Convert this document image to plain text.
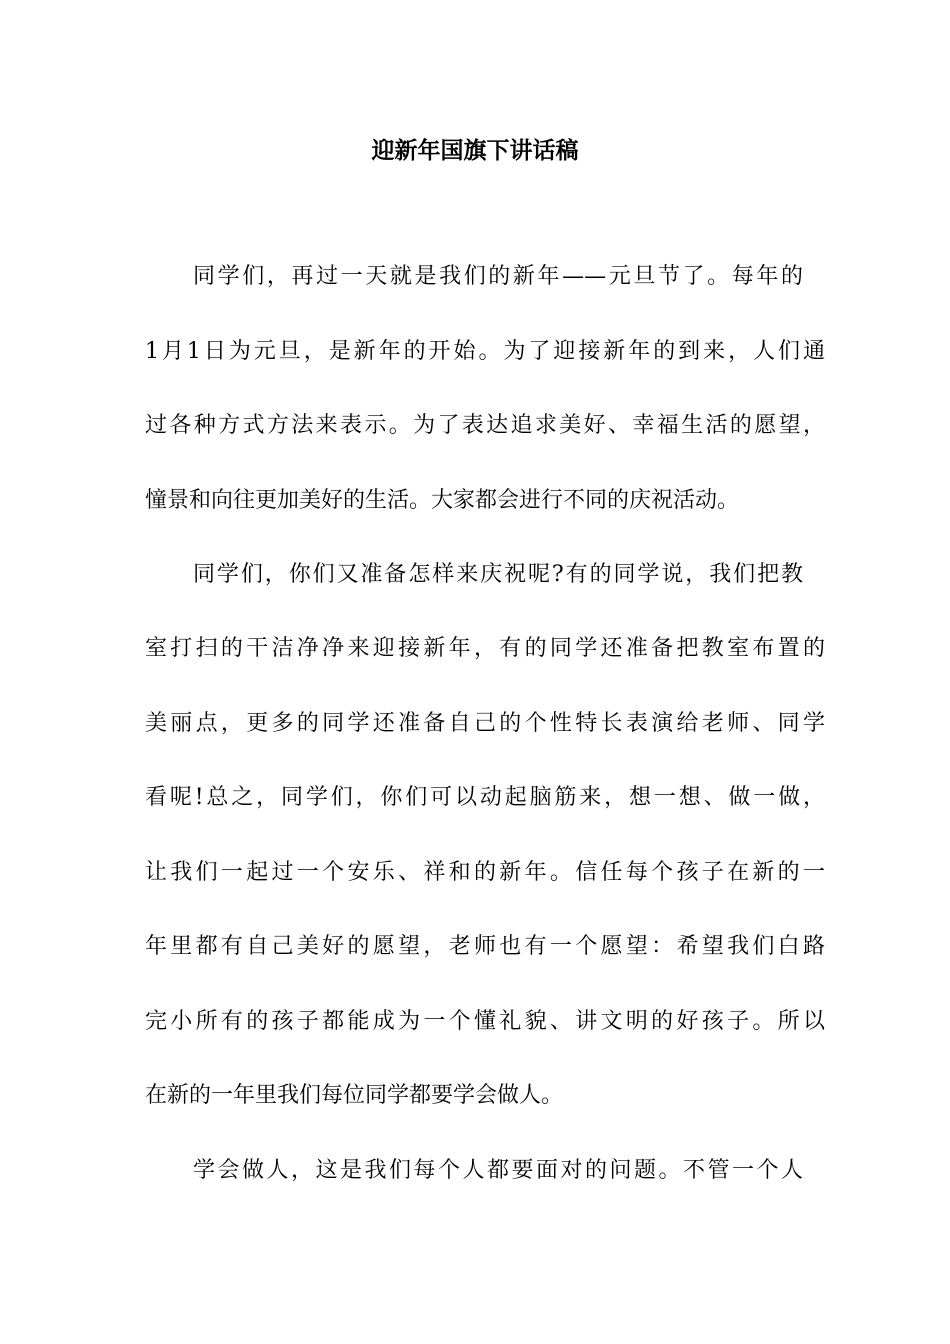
迎新年国旗下讲话稿

同学们，再过一天就是我们的新年——元旦节了。每年的

1月1日为元旦，是新年的开始。为了迎接新年的到来，人们通

过各种方式方法来表示。为了表达追求美好、幸福生活的愿望，

憧景和向往更加美好的生活。大家都会进行不同的庆祝活动。

同学们，你们又准备怎样来庆祝呢?有的同学说，我们把教

室打扫的干洁净净来迎接新年，有的同学还准备把教室布置的

美丽点，更多的同学还准备自己的个性特长表演给老师、同学

看呢!总之，同学们，你们可以动起脑筋来，想一想、做一做，

让我们一起过一个安乐、祥和的新年。信任每个孩子在新的一

年里都有自己美好的愿望，老师也有一个愿望：希望我们白路

完小所有的孩子都能成为一个懂礼貌、讲文明的好孩子。所以

在新的一年里我们每位同学都要学会做人。

学会做人，这是我们每个人都要面对的问题。不管一个人
